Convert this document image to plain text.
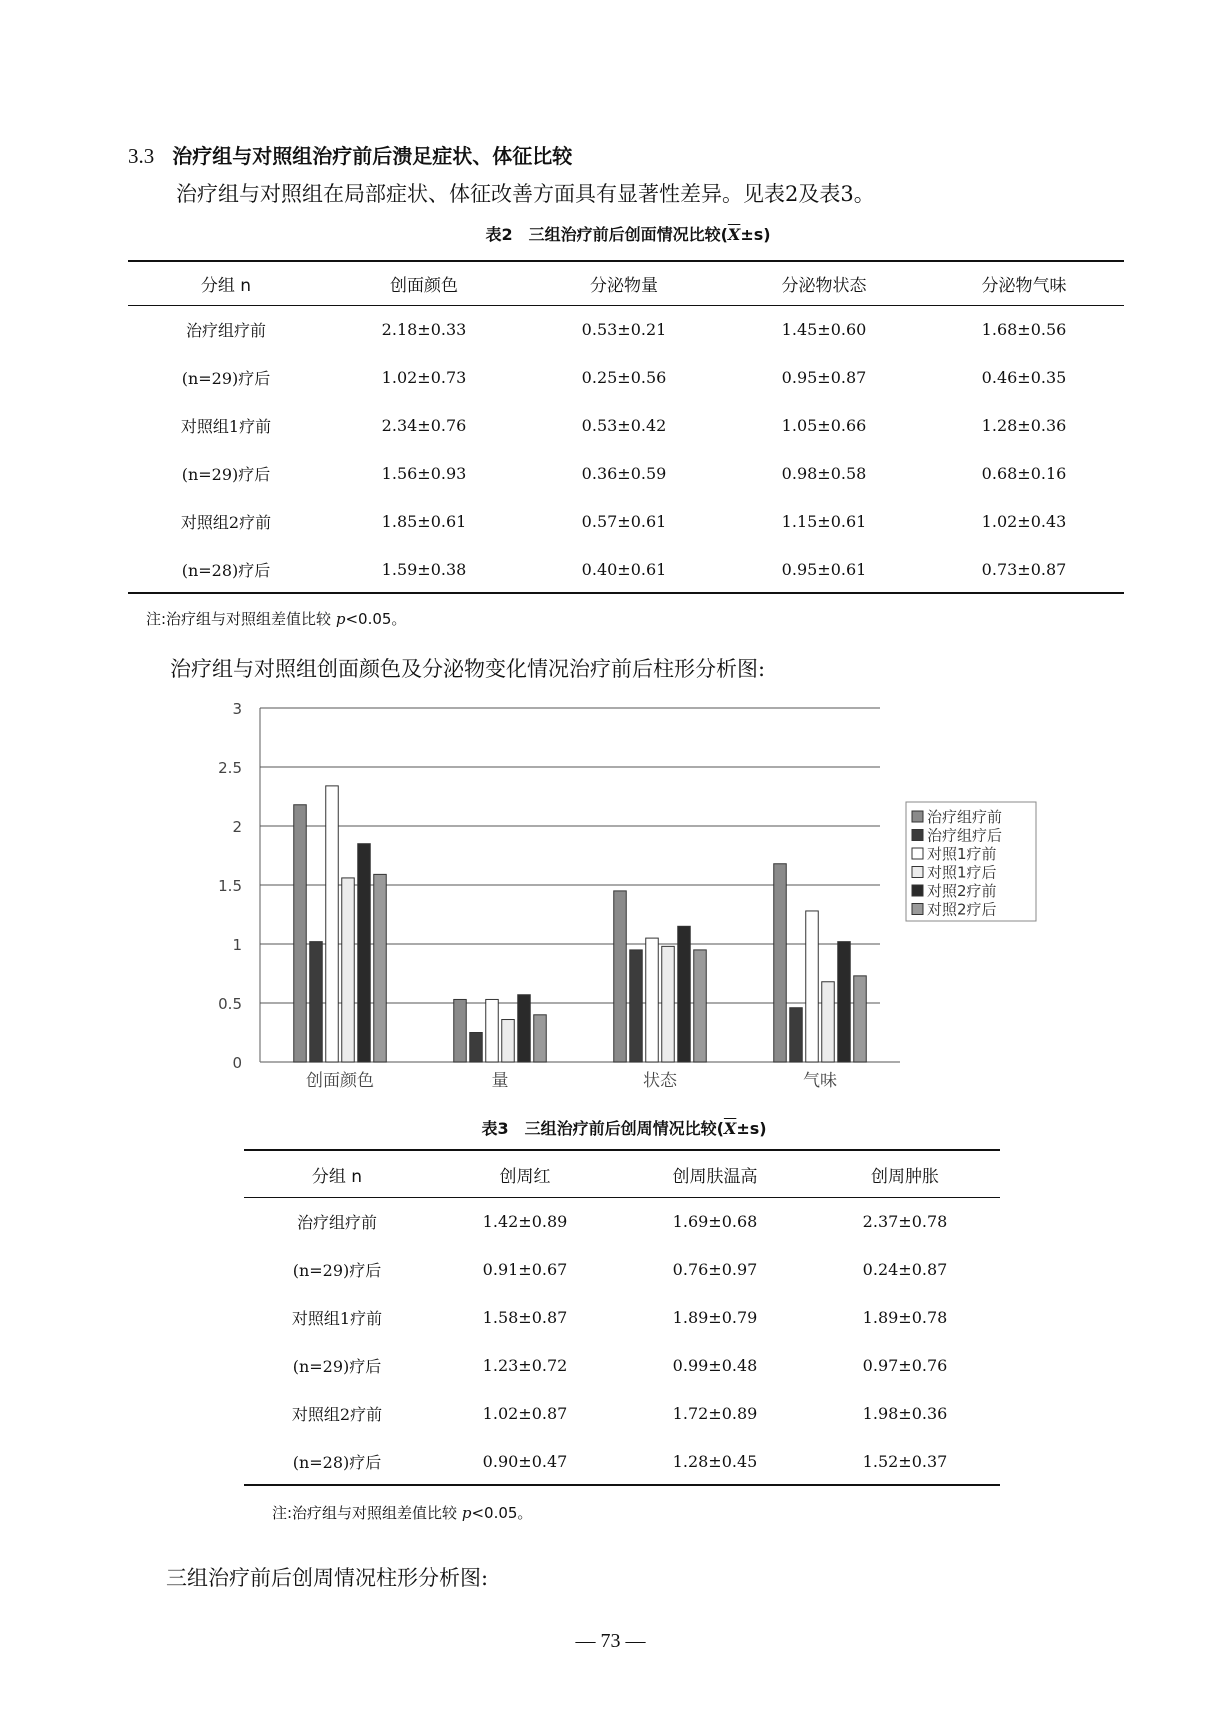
3.3 治疗组与对照组治疗前后溃足症状、体征比较
治疗组与对照组在局部症状、体征改善方面具有显著性差异。见表2及表3。
表2　三组治疗前后创面情况比较$(\overline{X}\pm s)$
分组 n	创面颜色	分泌物量	分泌物状态	分泌物气味
治疗组疗前	2.18±0.33	0.53±0.21	1.45±0.60	1.68±0.56
(n=29)疗后	1.02±0.73	0.25±0.56	0.95±0.87	0.46±0.35
对照组1疗前	2.34±0.76	0.53±0.42	1.05±0.66	1.28±0.36
(n=29)疗后	1.56±0.93	0.36±0.59	0.98±0.58	0.68±0.16
对照组2疗前	1.85±0.61	0.57±0.61	1.15±0.61	1.02±0.43
(n=28)疗后	1.59±0.38	0.40±0.61	0.95±0.61	0.73±0.87
注:治疗组与对照组差值比较 p<0.05。
治疗组与对照组创面颜色及分泌物变化情况治疗前后柱形分析图:
0
0.5
1
1.5
2
2.5
3
创面颜色	量	状态	气味
治疗组疗前
治疗组疗后
对照1疗前
对照1疗后
对照2疗前
对照2疗后
表3　三组治疗前后创周情况比较$(\overline{X}\pm s)$
分组 n	创周红	创周肤温高	创周肿胀
治疗组疗前	1.42±0.89	1.69±0.68	2.37±0.78
(n=29)疗后	0.91±0.67	0.76±0.97	0.24±0.87
对照组1疗前	1.58±0.87	1.89±0.79	1.89±0.78
(n=29)疗后	1.23±0.72	0.99±0.48	0.97±0.76
对照组2疗前	1.02±0.87	1.72±0.89	1.98±0.36
(n=28)疗后	0.90±0.47	1.28±0.45	1.52±0.37
注:治疗组与对照组差值比较 p<0.05。
三组治疗前后创周情况柱形分析图:
— 73 —
